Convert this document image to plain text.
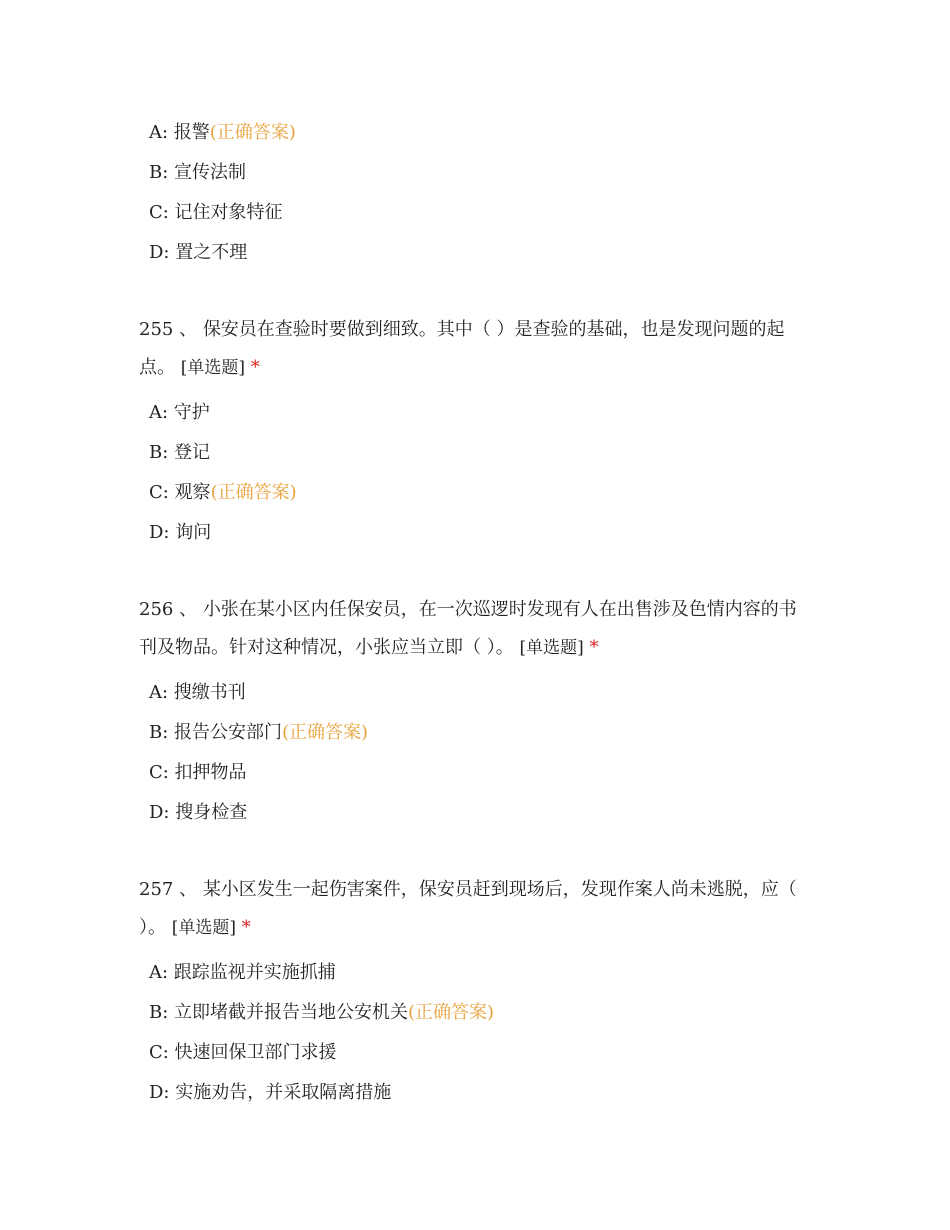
A: 报警(正确答案)
B: 宣传法制
C: 记住对象特征
D: 置之不理
255 、 保安员在查验时要做到细致。其中（ ）是查验的基础，也是发现问题的起点。 [单选题] *
A: 守护
B: 登记
C: 观察(正确答案)
D: 询问
256 、 小张在某小区内任保安员，在一次巡逻时发现有人在出售涉及色情内容的书刊及物品。针对这种情况，小张应当立即（ ）。 [单选题] *
A: 搜缴书刊
B: 报告公安部门(正确答案)
C: 扣押物品
D: 搜身检查
257 、 某小区发生一起伤害案件，保安员赶到现场后，发现作案人尚未逃脱，应（ ）。 [单选题] *
A: 跟踪监视并实施抓捕
B: 立即堵截并报告当地公安机关(正确答案)
C: 快速回保卫部门求援
D: 实施劝告，并采取隔离措施
